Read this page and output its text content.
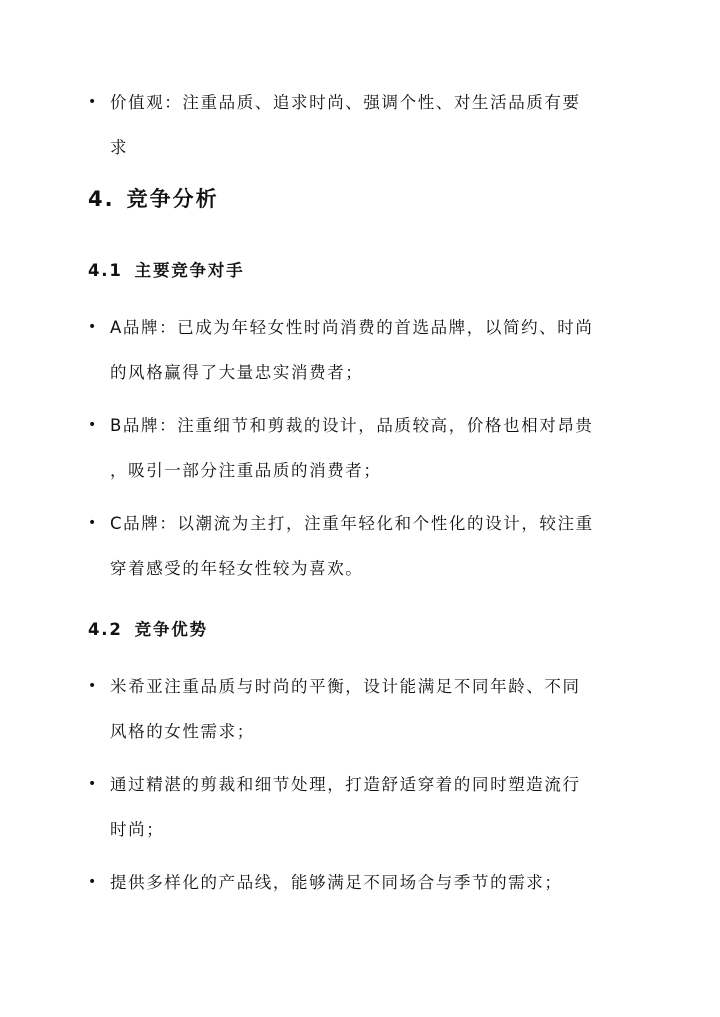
• 价值观：注重品质、追求时尚、强调个性、对生活品质有要
求
4. 竞争分析
4.1 主要竞争对手
• A品牌：已成为年轻女性时尚消费的首选品牌，以简约、时尚
的风格赢得了大量忠实消费者；
• B品牌：注重细节和剪裁的设计，品质较高，价格也相对昂贵
，吸引一部分注重品质的消费者；
• C品牌：以潮流为主打，注重年轻化和个性化的设计，较注重
穿着感受的年轻女性较为喜欢。
4.2 竞争优势
• 米希亚注重品质与时尚的平衡，设计能满足不同年龄、不同
风格的女性需求；
• 通过精湛的剪裁和细节处理，打造舒适穿着的同时塑造流行
时尚；
• 提供多样化的产品线，能够满足不同场合与季节的需求；
